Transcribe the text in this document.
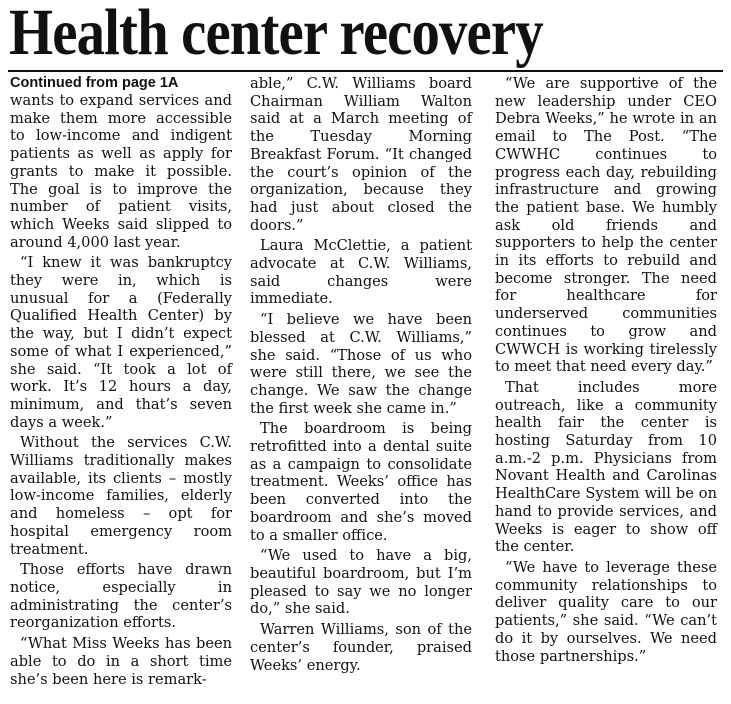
Health center recovery
Continued from page 1A

wants to expand services and make them more accessible to low-income and indigent patients as well as apply for grants to make it possible. The goal is to improve the number of patient visits, which Weeks said slipped to around 4,000 last year.

“I knew it was bankruptcy they were in, which is unusual for a (Federally Qualified Health Center) by the way, but I didn’t expect some of what I experienced,” she said. “It took a lot of work. It’s 12 hours a day, minimum, and that’s seven days a week.”

Without the services C.W. Williams traditionally makes available, its clients – mostly low-income families, elderly and homeless – opt for hospital emergency room treatment.

Those efforts have drawn notice, especially in administrating the center’s reorganization efforts.

“What Miss Weeks has been able to do in a short time she’s been here is remark-

able,” C.W. Williams board Chairman William Walton said at a March meeting of the Tuesday Morning Breakfast Forum. “It changed the court’s opinion of the organization, because they had just about closed the doors.”

Laura McClettie, a patient advocate at C.W. Williams, said changes were immediate.

“I believe we have been blessed at C.W. Williams,” she said. “Those of us who were still there, we see the change. We saw the change the first week she came in.”

The boardroom is being retrofitted into a dental suite as a campaign to consolidate treatment. Weeks’ office has been converted into the boardroom and she’s moved to a smaller office.

“We used to have a big, beautiful boardroom, but I’m pleased to say we no longer do,” she said.

Warren Williams, son of the center’s founder, praised Weeks’ energy.

“We are supportive of the new leadership under CEO Debra Weeks,” he wrote in an email to The Post. “The CWWHC continues to progress each day, rebuilding infrastructure and growing the patient base. We humbly ask old friends and supporters to help the center in its efforts to rebuild and become stronger. The need for healthcare for underserved communities continues to grow and CWWCH is working tirelessly to meet that need every day.”

That includes more outreach, like a community health fair the center is hosting Saturday from 10 a.m.-2 p.m. Physicians from Novant Health and Carolinas HealthCare System will be on hand to provide services, and Weeks is eager to show off the center.

“We have to leverage these community relationships to deliver quality care to our patients,” she said. “We can’t do it by ourselves. We need those partnerships.”
